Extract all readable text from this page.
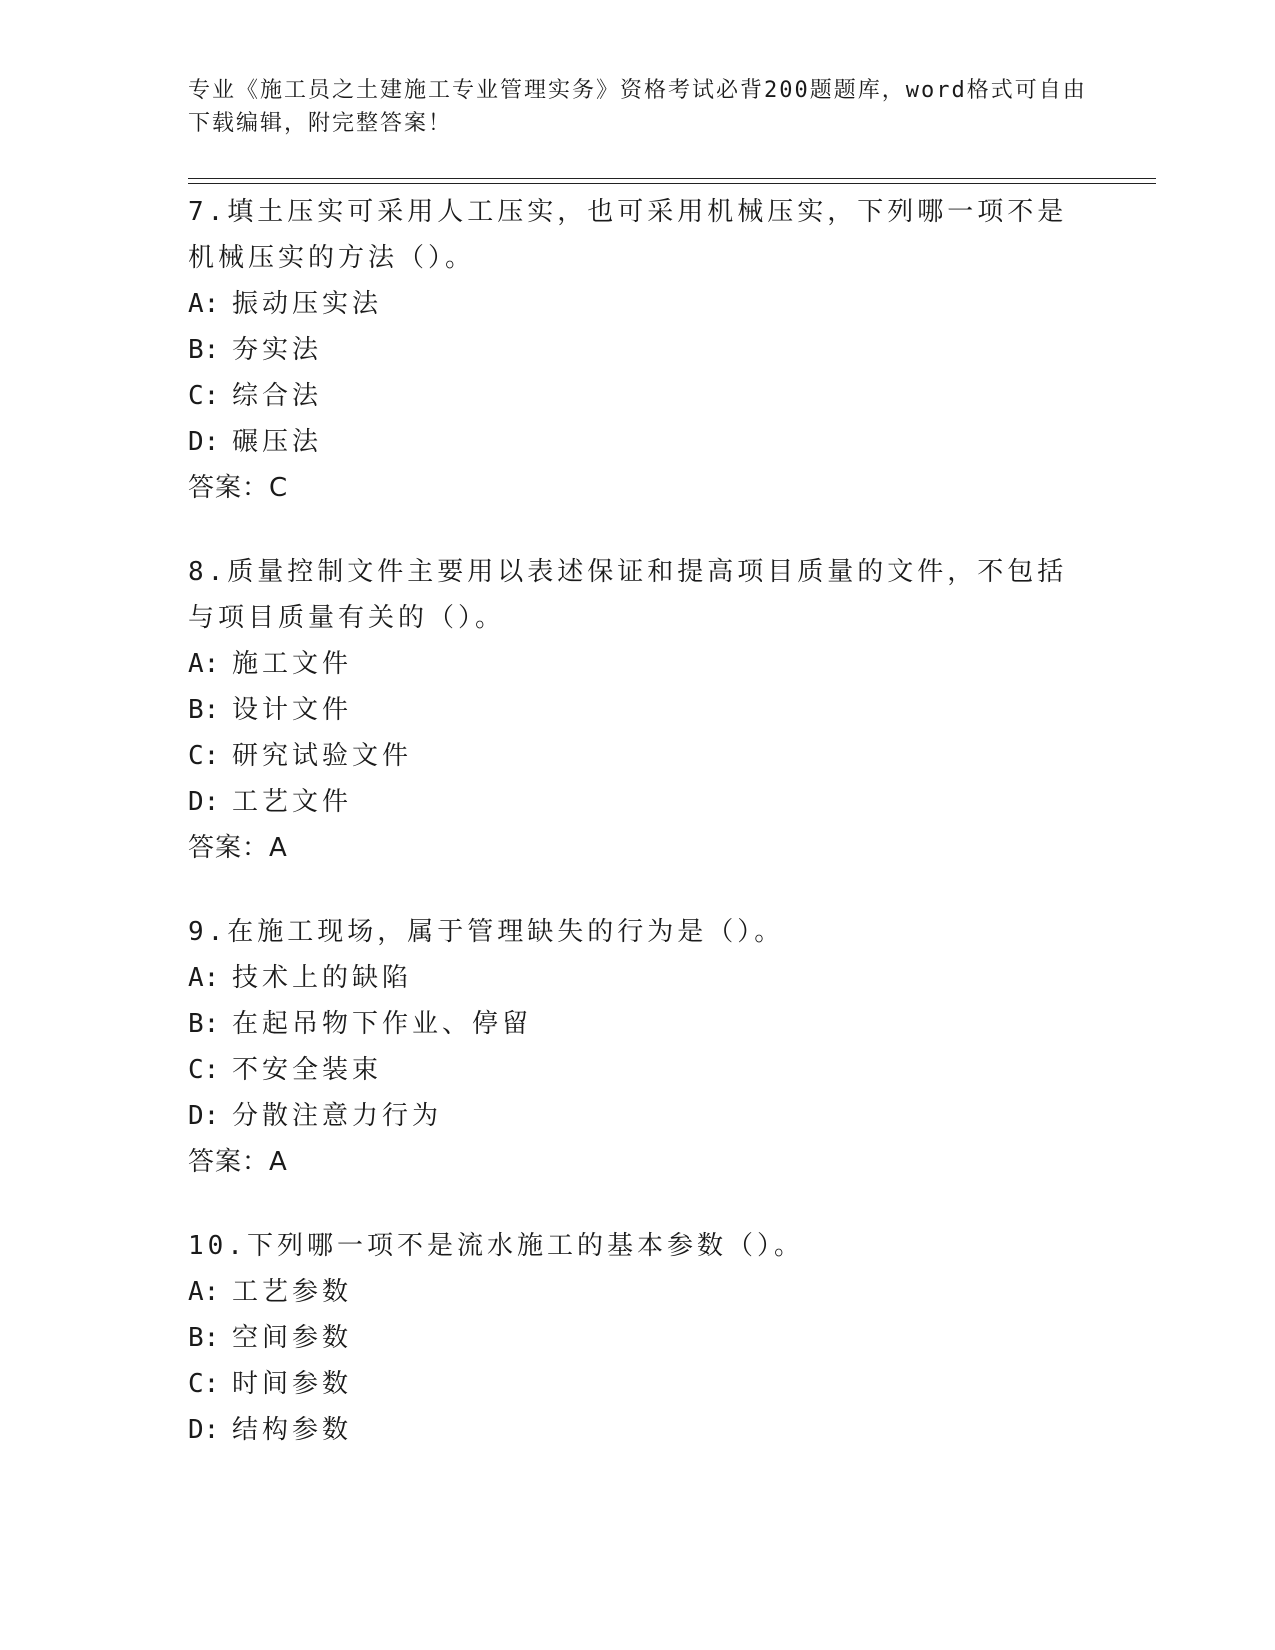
专业《施工员之土建施工专业管理实务》资格考试必背200题题库，word格式可自由下载编辑，附完整答案！
7.填土压实可采用人工压实，也可采用机械压实，下列哪一项不是机械压实的方法（）。
A: 振动压实法
B: 夯实法
C: 综合法
D: 碾压法
答案：C
8.质量控制文件主要用以表述保证和提高项目质量的文件，不包括与项目质量有关的（）。
A: 施工文件
B: 设计文件
C: 研究试验文件
D: 工艺文件
答案：A
9.在施工现场，属于管理缺失的行为是（）。
A: 技术上的缺陷
B: 在起吊物下作业、停留
C: 不安全装束
D: 分散注意力行为
答案：A
10.下列哪一项不是流水施工的基本参数（）。
A: 工艺参数
B: 空间参数
C: 时间参数
D: 结构参数
